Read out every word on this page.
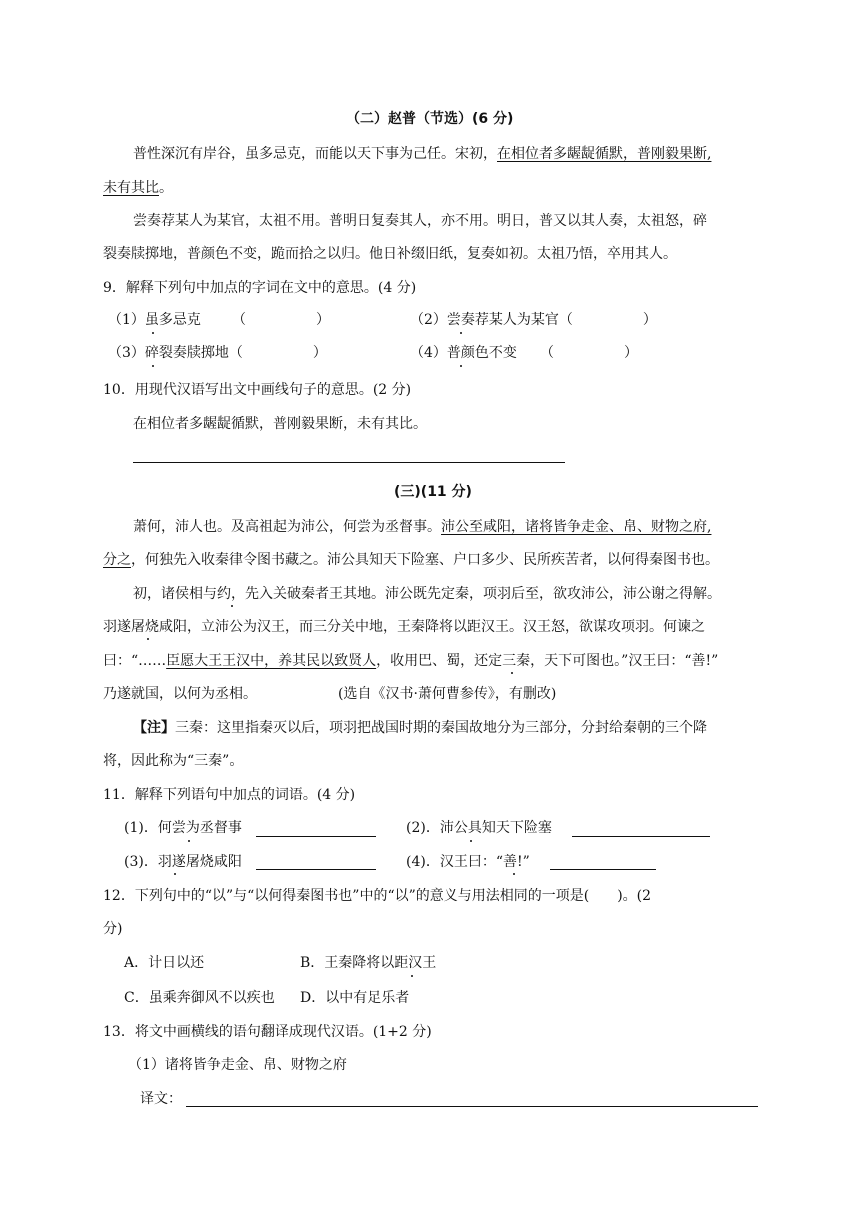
（二）赵普（节选）(6 分)
普性深沉有岸谷，虽多忌克，而能以天下事为己任。宋初，在相位者多龌龊循默，普刚毅果断,
未有其比。
尝奏荐某人为某官，太祖不用。普明日复奏其人，亦不用。明日，普又以其人奏，太祖怒，碎
裂奏牍掷地，普颜色不变，跪而拾之以归。他日补缀旧纸，复奏如初。太祖乃悟，卒用其人。
9．解释下列句中加点的字词在文中的意思。(4 分)
（1）虽多忌克 （　　　　　）	（2）尝奏荐某人为某官（　　　　　）
（3）碎裂奏牍掷地（　　　　　）	（4）普颜色不变 （　　　　　）
10．用现代汉语写出文中画线句子的意思。(2 分)
在相位者多龌龊循默，普刚毅果断，未有其比。
(三)(11 分)
萧何，沛人也。及高祖起为沛公，何尝为丞督事。沛公至咸阳，诸将皆争走金、帛、财物之府,
分之，何独先入收秦律令图书藏之。沛公具知天下险塞、户口多少、民所疾苦者，以何得秦图书也。
初，诸侯相与约，先入关破秦者王其地。沛公既先定秦，项羽后至，欲攻沛公，沛公谢之得解。
羽遂屠烧咸阳，立沛公为汉王，而三分关中地，王秦降将以距汉王。汉王怒，欲谋攻项羽。何谏之
曰：“……臣愿大王王汉中，养其民以致贤人，收用巴、蜀，还定三秦，天下可图也。”汉王曰：“善!”
乃遂就国，以何为丞相。	(选自《汉书·萧何曹参传》，有删改)
【注】三秦：这里指秦灭以后，项羽把战国时期的秦国故地分为三部分，分封给秦朝的三个降
将，因此称为“三秦”。
11．解释下列语句中加点的词语。(4 分)
(1)．何尝为丞督事	(2)．沛公具知天下险塞
(3)．羽遂屠烧咸阳	(4)．汉王曰：“善!”
12．下列句中的“以”与“以何得秦图书也”中的“以”的意义与用法相同的一项是(　　)。(2
分)
A．计日以还	B．王秦降将以距汉王
C．虽乘奔御风不以疾也 D．以中有足乐者
13．将文中画横线的语句翻译成现代汉语。(1+2 分)
（1）诸将皆争走金、帛、财物之府
译文：
